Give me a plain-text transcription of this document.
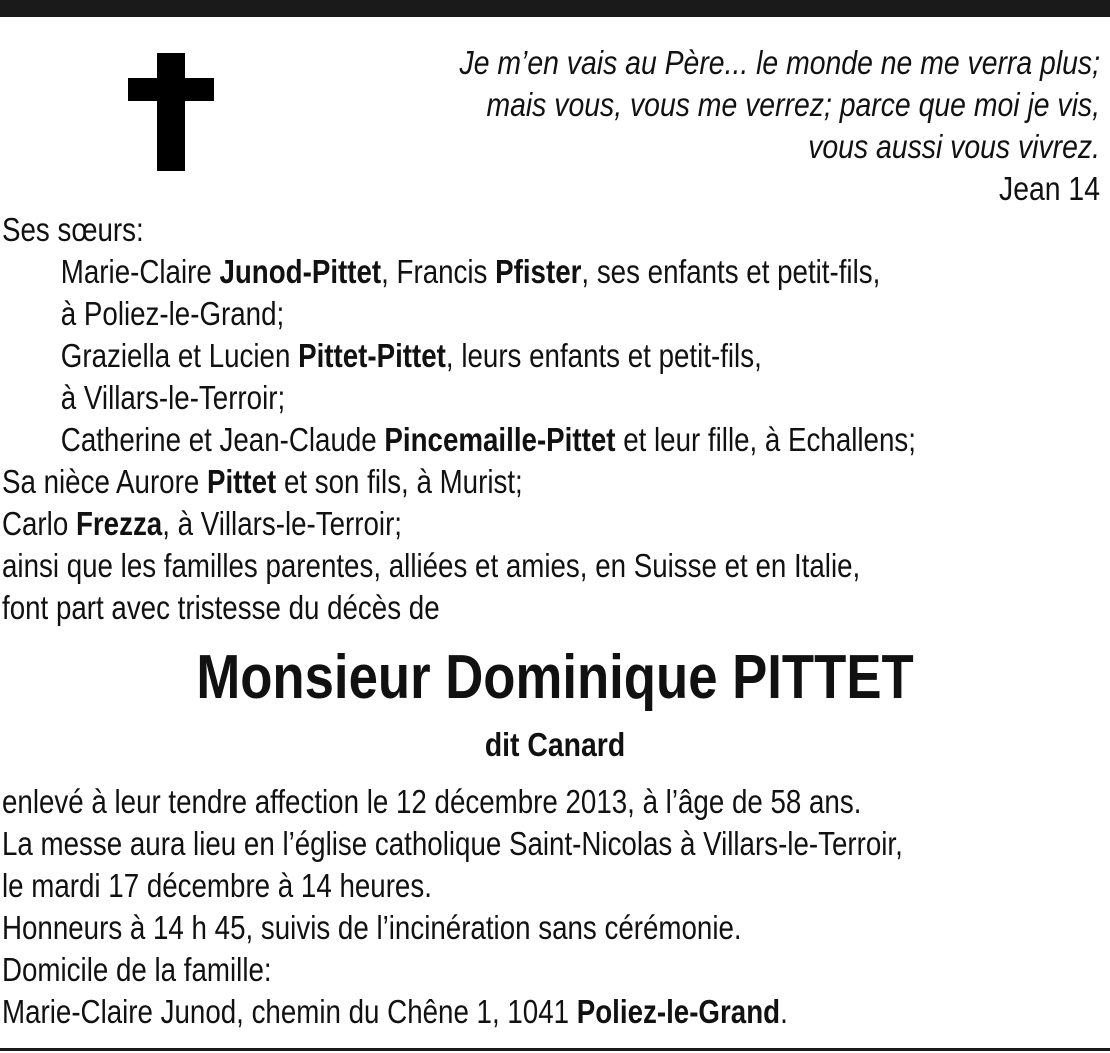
Je m’en vais au Père... le monde ne me verra plus;
mais vous, vous me verrez; parce que moi je vis,
vous aussi vous vivrez.
Jean 14
Ses sœurs:
Marie-Claire Junod-Pittet, Francis Pfister, ses enfants et petit-fils,
à Poliez-le-Grand;
Graziella et Lucien Pittet-Pittet, leurs enfants et petit-fils,
à Villars-le-Terroir;
Catherine et Jean-Claude Pincemaille-Pittet et leur fille, à Echallens;
Sa nièce Aurore Pittet et son fils, à Murist;
Carlo Frezza, à Villars-le-Terroir;
ainsi que les familles parentes, alliées et amies, en Suisse et en Italie,
font part avec tristesse du décès de
Monsieur Dominique PITTET
dit Canard
enlevé à leur tendre affection le 12 décembre 2013, à l’âge de 58 ans.
La messe aura lieu en l’église catholique Saint-Nicolas à Villars-le-Terroir,
le mardi 17 décembre à 14 heures.
Honneurs à 14 h 45, suivis de l’incinération sans cérémonie.
Domicile de la famille:
Marie-Claire Junod, chemin du Chêne 1, 1041 Poliez-le-Grand.
